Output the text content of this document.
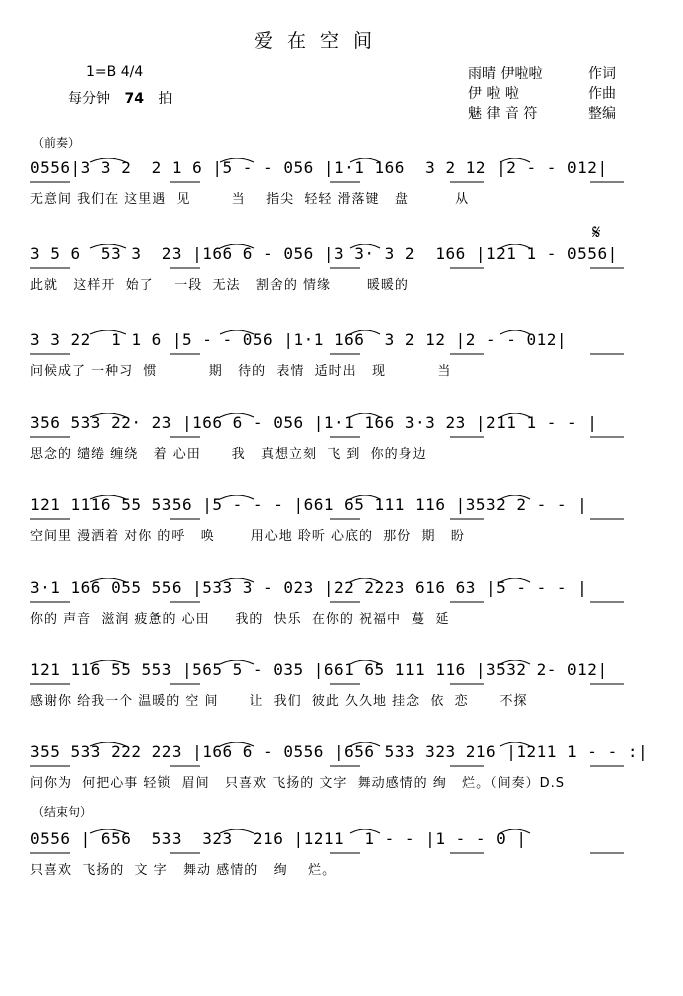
爱在空间
1=B 4/4
每分钟 74 拍
雨晴 伊啦啦	作词
伊 啦 啦	作曲
魅 律 音 符	整编
（前奏）
𝄋
0556|3 3 2  2 1 6 |5 - - 056 |1·1 166  3 2 12 |2 - - 012|
无意间 我们在 这里遇  见        当    指尖  轻轻 滑落键   盘         从
3 5 6  53 3  23 |166 6 - 056 |3 3· 3 2  166 |121 1 - 0556|
此就   这样开  始了    一段  无法   割舍的 情缘       暖暖的
3 3 22  1 1 6 |5 - - 056 |1·1 166  3 2 12 |2 - - 012|
问候成了 一种习  惯          期   待的  表情  适时出   现          当
356 533 22· 23 |166 6 - 056 |1·1 166 3·3 23 |211 1 - - |
思念的 缱绻 缠绕   着 心田      我   真想立刻  飞 到  你的身边
121 1116 55 5356 |5 - - - |661 65 111 116 |3532 2 - - |
空间里 漫洒着 对你 的呼   唤       用心地 聆听 心底的  那份  期   盼
3·1 166 055 556 |533 3 - 023 |22 2223 616 63 |5 - - - |
你的 声音  滋润 疲惫的 心田     我的  快乐  在你的 祝福中  蔓  延
121 116 55 553 |565 5 - 035 |661 65 111 116 |3532 2- 012|
感谢你 给我一个 温暖的 空 间      让  我们  彼此 久久地 挂念  依  恋      不探
355 533 222 223 |166 6 - 0556 |656 533 323 216 |1211 1 - - :|
问你为  何把心事 轻锁  眉间   只喜欢 飞扬的 文字  舞动感情的 绚   烂。（间奏）D.S
0556 | 656  533  323  216 |1211  1 - - |1 - - 0 |
只喜欢  飞扬的  文 字   舞动 感情的   绚    烂。
（结束句）
